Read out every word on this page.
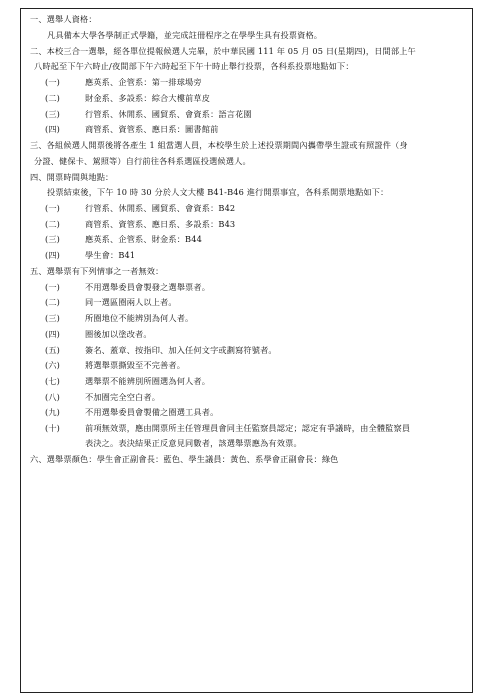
一、選舉人資格：
凡具備本大學各學制正式學籍，並完成註冊程序之在學學生具有投票資格。
二、本校三合一選舉，經各單位提報候選人完畢，於中華民國 111 年 05 月 05 日(星期四)，日間部上午
八時起至下午六時止/夜間部下午六時起至下午十時止舉行投票，各科系投票地點如下：
(一)	應英系、企管系：第一排球場旁
(二)	財金系、多設系：綜合大樓前草皮
(三)	行管系、休閒系、國貿系、會資系：語言花園
(四)	商管系、資管系、應日系：圖書館前
三、各組候選人開票後將各產生 1 組當選人員，本校學生於上述投票期間內攜帶學生證或有照證件（身
分證、健保卡、駕照等）自行前往各科系選區投選候選人。
四、開票時間與地點：
投票結束後，下午 10 時 30 分於人文大樓 B41-B46 進行開票事宜，各科系開票地點如下：
(一)	行管系、休閒系、國貿系、會資系：B42
(二)	商管系、資管系、應日系、多設系：B43
(三)	應英系、企管系、財金系：B44
(四)	學生會：B41
五、選舉票有下列情事之一者無效：
(一)	不用選舉委員會製發之選舉票者。
(二)	同一選區圈兩人以上者。
(三)	所圈地位不能辨別為何人者。
(四)	圈後加以塗改者。
(五)	簽名、蓋章、按指印、加入任何文字或劃寫符號者。
(六)	將選舉票撕毀至不完善者。
(七)	選舉票不能辨別所圈選為何人者。
(八)	不加圈完全空白者。
(九)	不用選舉委員會製備之圈選工具者。
(十)	前項無效票，應由開票所主任管理員會同主任監察員認定；認定有爭議時，由全體監察員
表決之。表決結果正反意見同數者，該選舉票應為有效票。
六、選舉票顏色：學生會正副會長：藍色、學生議員：黃色、系學會正副會長：綠色
